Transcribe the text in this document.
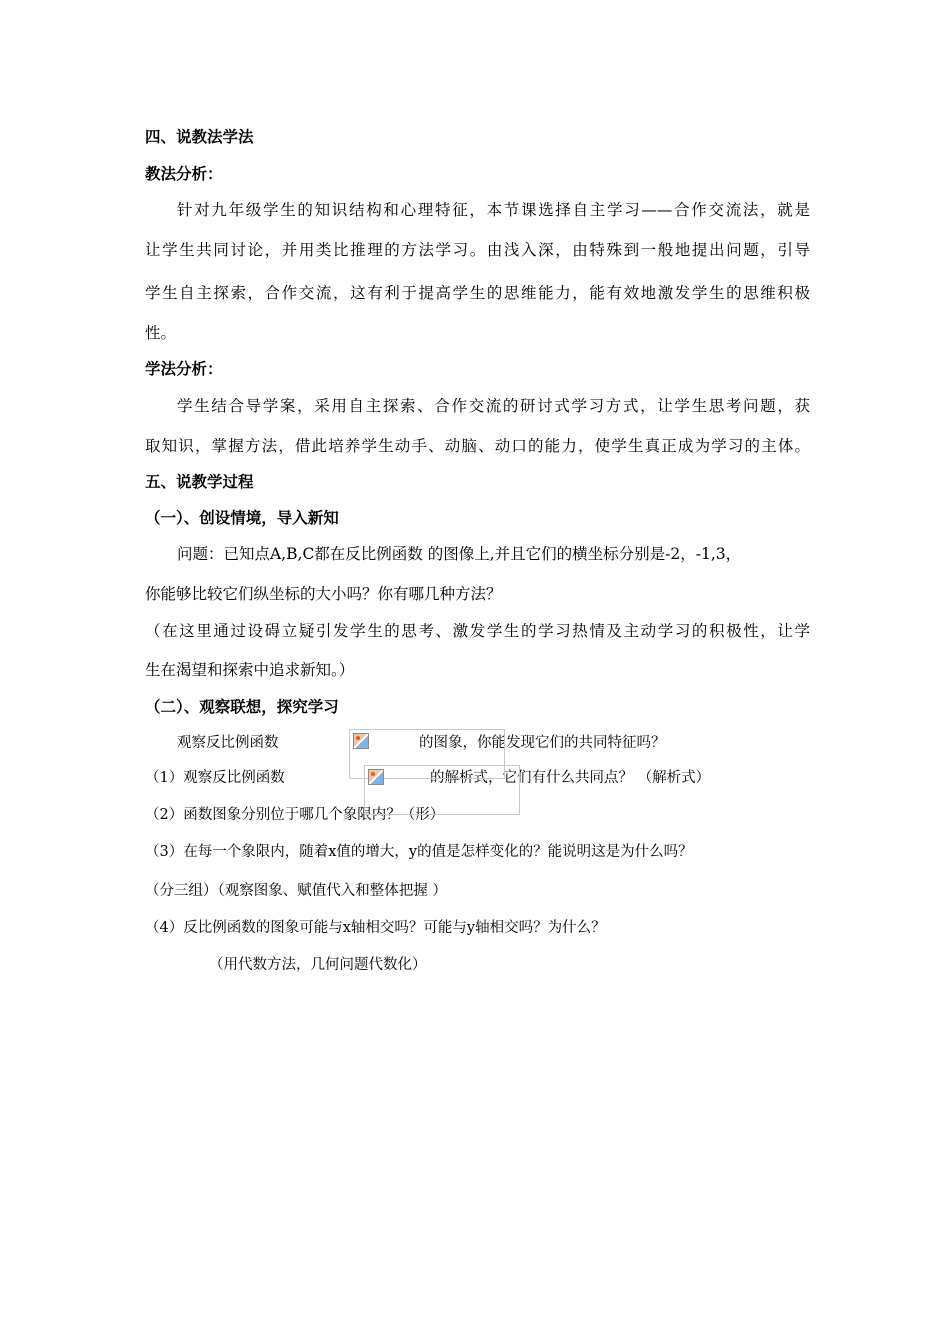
四、说教法学法
教法分析：
针对九年级学生的知识结构和心理特征，本节课选择自主学习——合作交流法，就是
让学生共同讨论，并用类比推理的方法学习。由浅入深，由特殊到一般地提出问题，引导
学生自主探索，合作交流，这有利于提高学生的思维能力，能有效地激发学生的思维积极
性。
学法分析：
学生结合导学案，采用自主探索、合作交流的研讨式学习方式，让学生思考问题，获
取知识，掌握方法，借此培养学生动手、动脑、动口的能力，使学生真正成为学习的主体。
五、说教学过程
（一）、创设情境，导入新知
问题：已知点A,B,C都在反比例函数 的图像上,并且它们的横坐标分别是-2，-1,3，
你能够比较它们纵坐标的大小吗？你有哪几种方法？
（在这里通过设碍立疑引发学生的思考、激发学生的学习热情及主动学习的积极性，让学
生在渴望和探索中追求新知。）
（二）、观察联想，探究学习
观察反比例函数	的图象，你能发现它们的共同特征吗？
（1）观察反比例函数	的解析式，它们有什么共同点？ （解析式）
（2）函数图象分别位于哪几个象限内？（形）
（3）在每一个象限内，随着x值的增大，y的值是怎样变化的？能说明这是为什么吗？
（分三组）（观察图象、赋值代入和整体把握 ）
（4）反比例函数的图象可能与x轴相交吗？可能与y轴相交吗？为什么？
（用代数方法，几何问题代数化）
